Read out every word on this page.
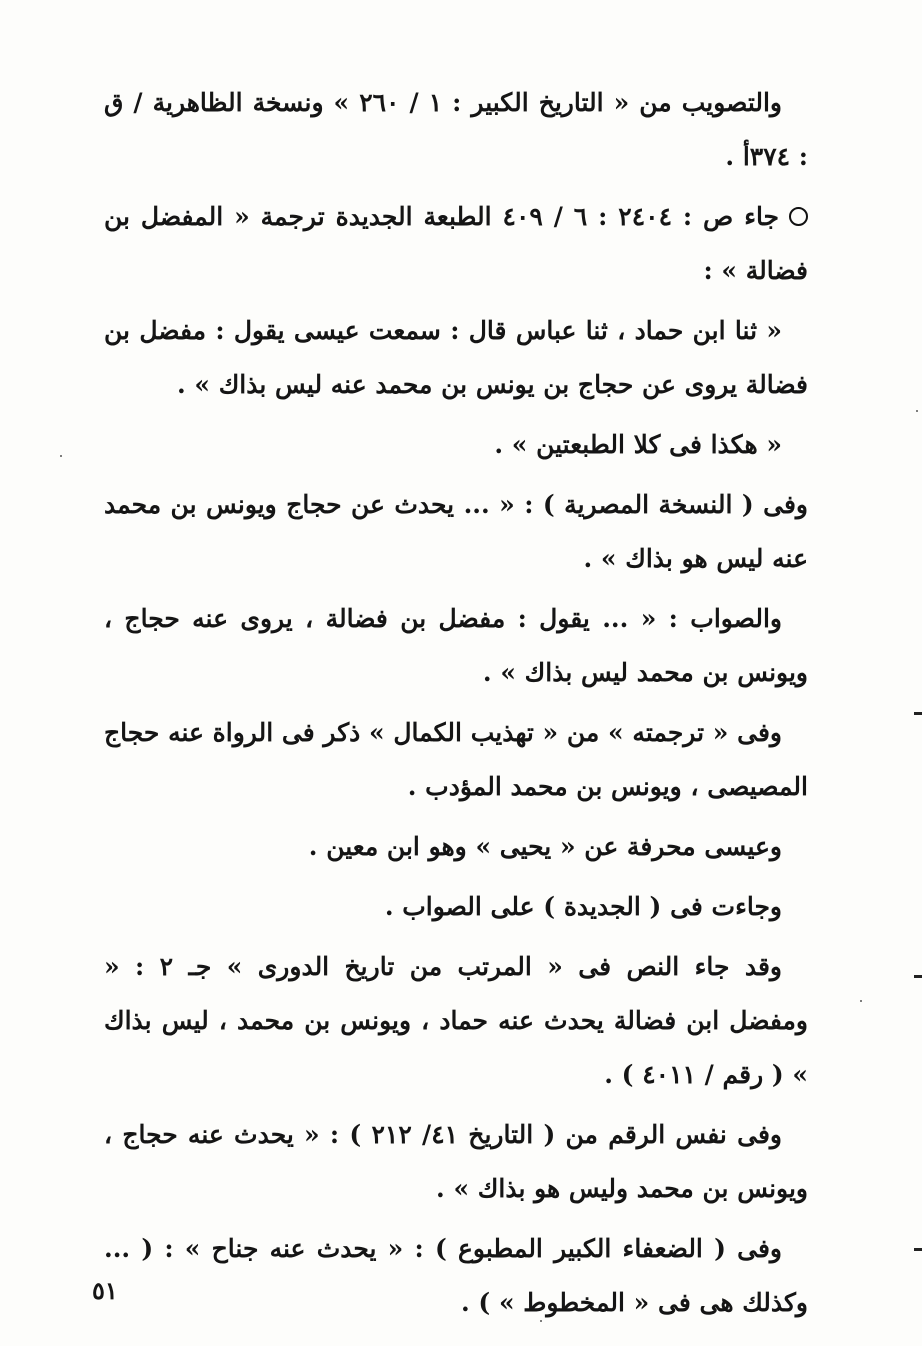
والتصويب من « التاريخ الكبير : ١ / ٢٦٠ » ونسخة الظاهرية / ق : ٣٧٤أ .

جاء ص : ٢٤٠٤ : ٦ / ٤٠٩ الطبعة الجديدة ترجمة « المفضل بن فضالة » :

« ثنا ابن حماد ، ثنا عباس قال : سمعت عيسى يقول : مفضل بن فضالة يروى عن حجاج بن يونس بن محمد عنه ليس بذاك » .

« هكذا فى كلا الطبعتين » .

وفى ( النسخة المصرية ) : « ... يحدث عن حجاج ويونس بن محمد عنه ليس هو بذاك » .

والصواب : « ... يقول : مفضل بن فضالة ، يروى عنه حجاج ، ويونس بن محمد ليس بذاك » .

وفى « ترجمته » من « تهذيب الكمال » ذكر فى الرواة عنه حجاج المصيصى ، ويونس بن محمد المؤدب .

وعيسى محرفة عن « يحيى » وهو ابن معين .

وجاءت فى ( الجديدة ) على الصواب .

وقد جاء النص فى « المرتب من تاريخ الدورى » جـ ٢ : « ومفضل ابن فضالة يحدث عنه حماد ، ويونس بن محمد ، ليس بذاك » ( رقم / ٤٠١١ ) .

وفى نفس الرقم من ( التاريخ ٤١/ ٢١٢ ) : « يحدث عنه حجاج ، ويونس بن محمد وليس هو بذاك » .

وفى ( الضعفاء الكبير المطبوع ) : « يحدث عنه جناح » : ( ... وكذلك هى فى « المخطوط » ) .

٥١
